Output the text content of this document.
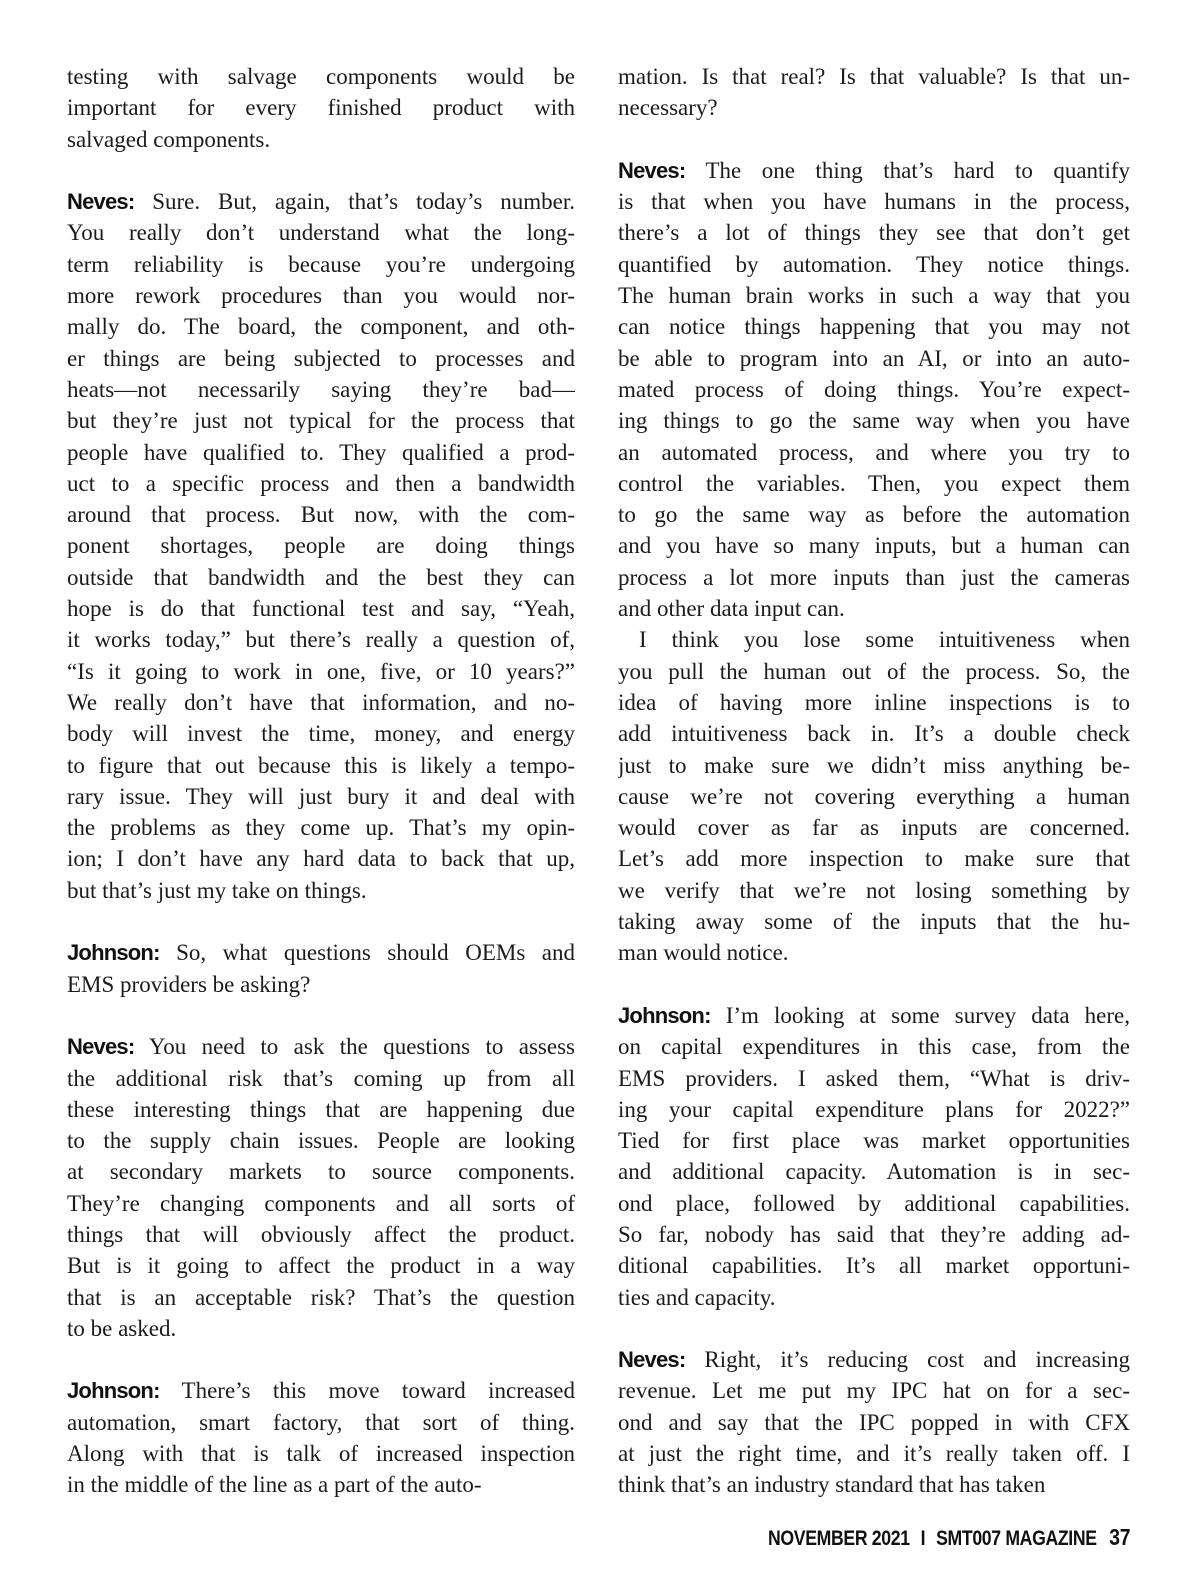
testing with salvage components would be
important for every finished product with
salvaged components.
Neves: Sure. But, again, that’s today’s number.
You really don’t understand what the long-
term reliability is because you’re undergoing
more rework procedures than you would nor-
mally do. The board, the component, and oth-
er things are being subjected to processes and
heats—not necessarily saying they’re bad—
but they’re just not typical for the process that
people have qualified to. They qualified a prod-
uct to a specific process and then a bandwidth
around that process. But now, with the com-
ponent shortages, people are doing things
outside that bandwidth and the best they can
hope is do that functional test and say, “Yeah,
it works today,” but there’s really a question of,
“Is it going to work in one, five, or 10 years?”
We really don’t have that information, and no-
body will invest the time, money, and energy
to figure that out because this is likely a tempo-
rary issue. They will just bury it and deal with
the problems as they come up. That’s my opin-
ion; I don’t have any hard data to back that up,
but that’s just my take on things.
Johnson: So, what questions should OEMs and
EMS providers be asking?
Neves: You need to ask the questions to assess
the additional risk that’s coming up from all
these interesting things that are happening due
to the supply chain issues. People are looking
at secondary markets to source components.
They’re changing components and all sorts of
things that will obviously affect the product.
But is it going to affect the product in a way
that is an acceptable risk? That’s the question
to be asked.
Johnson: There’s this move toward increased
automation, smart factory, that sort of thing.
Along with that is talk of increased inspection
in the middle of the line as a part of the auto-
mation. Is that real? Is that valuable? Is that un-
necessary?
Neves: The one thing that’s hard to quantify
is that when you have humans in the process,
there’s a lot of things they see that don’t get
quantified by automation. They notice things.
The human brain works in such a way that you
can notice things happening that you may not
be able to program into an AI, or into an auto-
mated process of doing things. You’re expect-
ing things to go the same way when you have
an automated process, and where you try to
control the variables. Then, you expect them
to go the same way as before the automation
and you have so many inputs, but a human can
process a lot more inputs than just the cameras
and other data input can.
I think you lose some intuitiveness when
you pull the human out of the process. So, the
idea of having more inline inspections is to
add intuitiveness back in. It’s a double check
just to make sure we didn’t miss anything be-
cause we’re not covering everything a human
would cover as far as inputs are concerned.
Let’s add more inspection to make sure that
we verify that we’re not losing something by
taking away some of the inputs that the hu-
man would notice.
Johnson: I’m looking at some survey data here,
on capital expenditures in this case, from the
EMS providers. I asked them, “What is driv-
ing your capital expenditure plans for 2022?”
Tied for first place was market opportunities
and additional capacity. Automation is in sec-
ond place, followed by additional capabilities.
So far, nobody has said that they’re adding ad-
ditional capabilities. It’s all market opportuni-
ties and capacity.
Neves: Right, it’s reducing cost and increasing
revenue. Let me put my IPC hat on for a sec-
ond and say that the IPC popped in with CFX
at just the right time, and it’s really taken off. I
think that’s an industry standard that has taken
NOVEMBER 2021 I SMT007 MAGAZINE 37
